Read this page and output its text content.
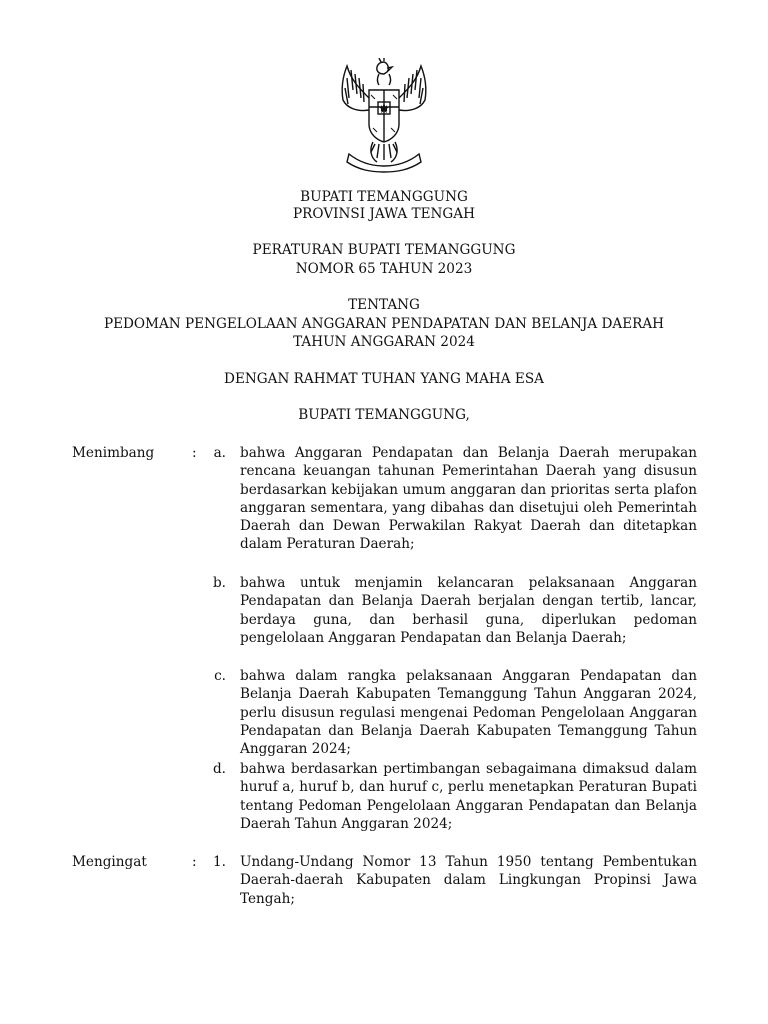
BUPATI TEMANGGUNG
PROVINSI JAWA TENGAH
PERATURAN BUPATI TEMANGGUNG
NOMOR 65 TAHUN 2023
TENTANG
PEDOMAN PENGELOLAAN ANGGARAN PENDAPATAN DAN BELANJA DAERAH
TAHUN ANGGARAN 2024
DENGAN RAHMAT TUHAN YANG MAHA ESA
BUPATI TEMANGGUNG,
Menimbang	:	a. bahwa Anggaran Pendapatan dan Belanja Daerah merupakan rencana keuangan tahunan Pemerintahan Daerah yang disusun berdasarkan kebijakan umum anggaran dan prioritas serta plafon anggaran sementara, yang dibahas dan disetujui oleh Pemerintah Daerah dan Dewan Perwakilan Rakyat Daerah dan ditetapkan dalam Peraturan Daerah;

b. bahwa untuk menjamin kelancaran pelaksanaan Anggaran Pendapatan dan Belanja Daerah berjalan dengan tertib, lancar, berdaya guna, dan berhasil guna, diperlukan pedoman pengelolaan Anggaran Pendapatan dan Belanja Daerah;

c. bahwa dalam rangka pelaksanaan Anggaran Pendapatan dan Belanja Daerah Kabupaten Temanggung Tahun Anggaran 2024, perlu disusun regulasi mengenai Pedoman Pengelolaan Anggaran Pendapatan dan Belanja Daerah Kabupaten Temanggung Tahun Anggaran 2024;

d. bahwa berdasarkan pertimbangan sebagaimana dimaksud dalam huruf a, huruf b, dan huruf c, perlu menetapkan Peraturan Bupati tentang Pedoman Pengelolaan Anggaran Pendapatan dan Belanja Daerah Tahun Anggaran 2024;

Mengingat	:	1. Undang-Undang Nomor 13 Tahun 1950 tentang Pembentukan Daerah-daerah Kabupaten dalam Lingkungan Propinsi Jawa Tengah;
